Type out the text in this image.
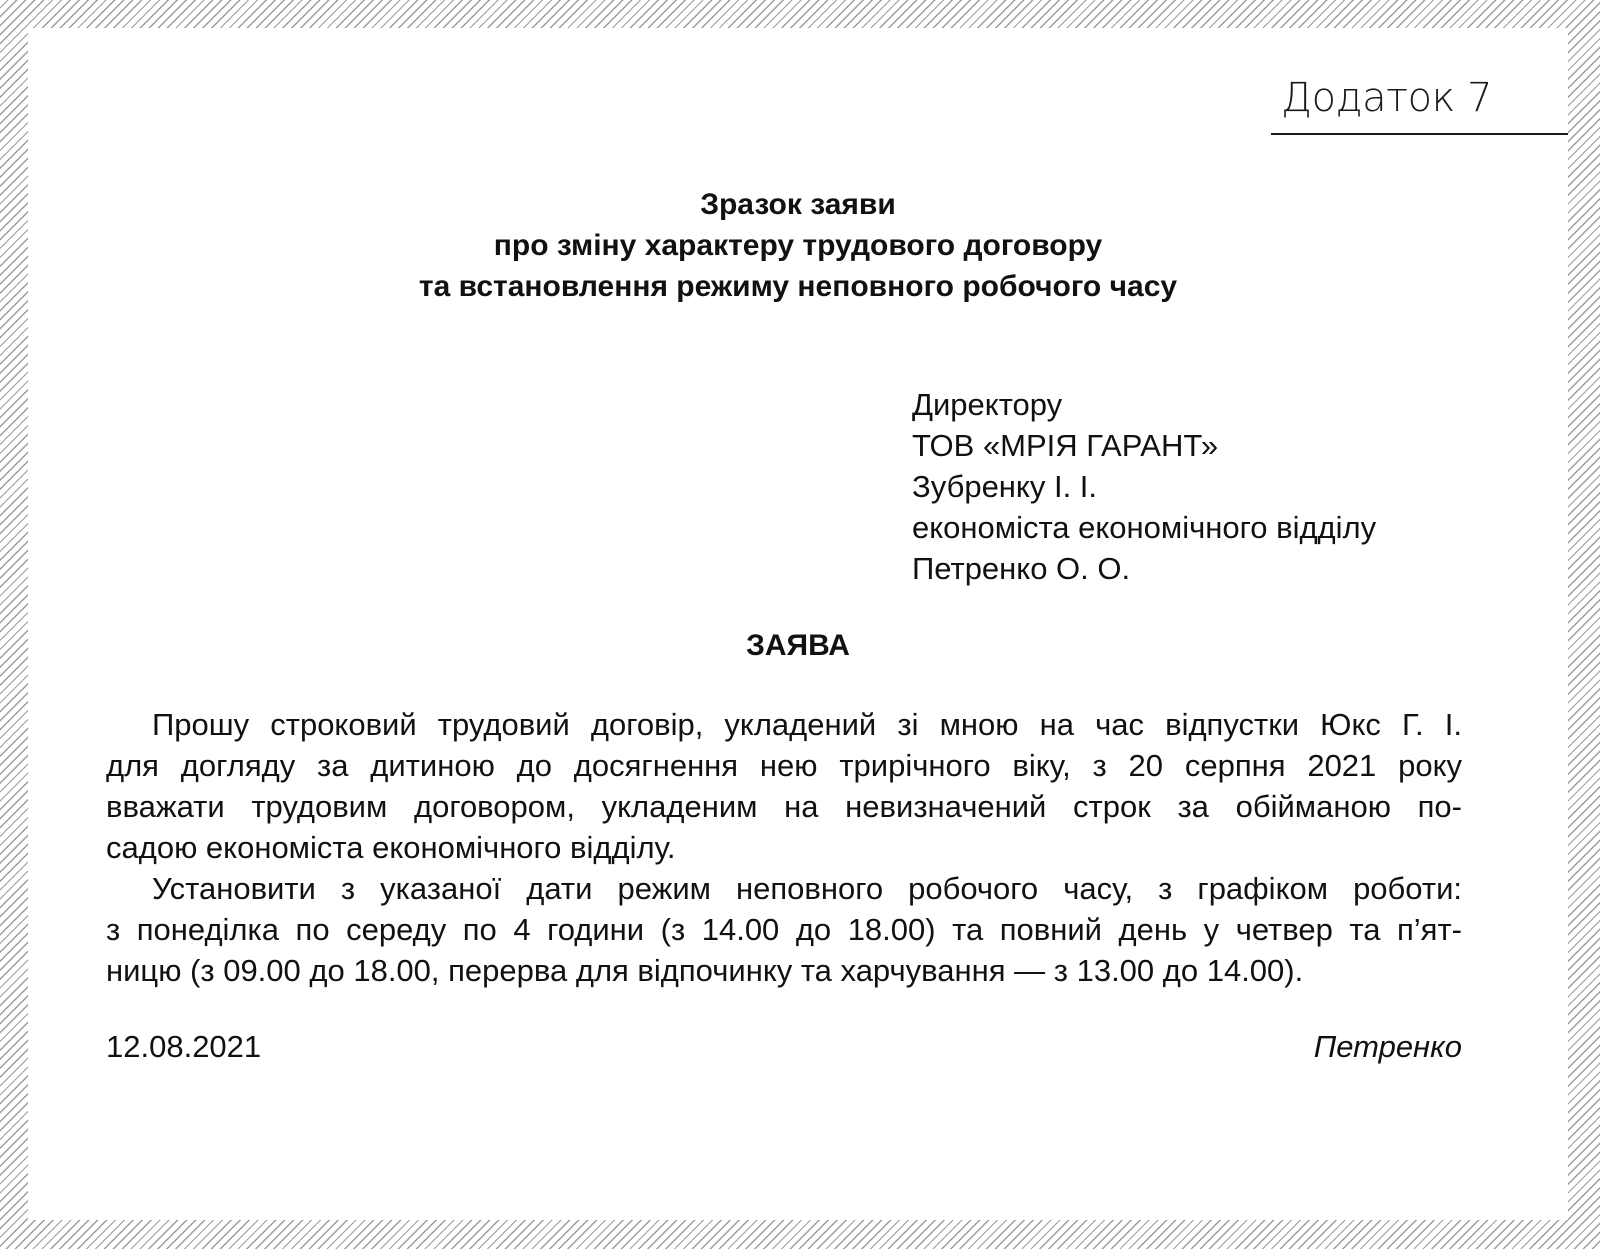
Додаток 7
Зразок заяви
про зміну характеру трудового договору
та встановлення режиму неповного робочого часу
Директору
ТОВ «МРІЯ ГАРАНТ»
Зубренку І. І.
економіста економічного відділу
Петренко О. О.
ЗАЯВА
Прошу строковий трудовий договір, укладений зі мною на час відпустки Юкс Г. І.
для догляду за дитиною до досягнення нею трирічного віку, з 20 серпня 2021 року
вважати трудовим договором, укладеним на невизначений строк за обійманою по-
садою економіста економічного відділу.
Установити з указаної дати режим неповного робочого часу, з графіком роботи:
з понеділка по середу по 4 години (з 14.00 до 18.00) та повний день у четвер та п’ят-
ницю (з 09.00 до 18.00, перерва для відпочинку та харчування — з 13.00 до 14.00).
12.08.2021	Петренко
